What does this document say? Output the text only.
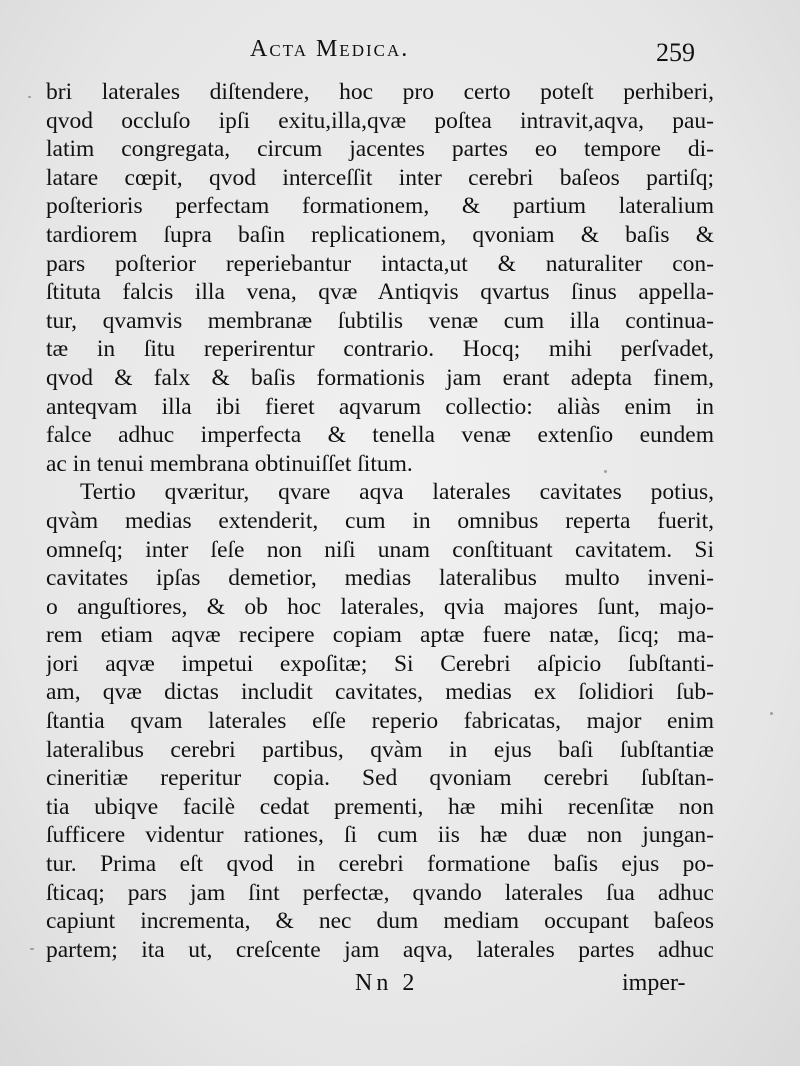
Acta Medica.	259
bri laterales diſtendere, hoc pro certo poteſt perhiberi,
qvod occluſo ipſi exitu,illa,qvæ poſtea intravit,aqva, pau-
latim congregata, circum jacentes partes eo tempore di-
latare cœpit, qvod interceſſit inter cerebri baſeos partiſq;
poſterioris perfectam formationem, & partium lateralium
tardiorem ſupra baſin replicationem, qvoniam & baſis &
pars poſterior reperiebantur intacta,ut & naturaliter con-
ſtituta falcis illa vena, qvæ Antiqvis qvartus ſinus appella-
tur, qvamvis membranæ ſubtilis venæ cum illa continua-
tæ in ſitu reperirentur contrario. Hocq; mihi perſvadet,
qvod & falx & baſis formationis jam erant adepta finem,
anteqvam illa ibi fieret aqvarum collectio: aliàs enim in
falce adhuc imperfecta & tenella venæ extenſio eundem
ac in tenui membrana obtinuiſſet ſitum.
Tertio qværitur, qvare aqva laterales cavitates potius,
qvàm medias extenderit, cum in omnibus reperta fuerit,
omneſq; inter ſeſe non niſi unam conſtituant cavitatem. Si
cavitates ipſas demetior, medias lateralibus multo inveni-
o anguſtiores, & ob hoc laterales, qvia majores ſunt, majo-
rem etiam aqvæ recipere copiam aptæ fuere natæ, ſicq; ma-
jori aqvæ impetui expoſitæ; Si Cerebri aſpicio ſubſtanti-
am, qvæ dictas includit cavitates, medias ex ſolidiori ſub-
ſtantia qvam laterales eſſe reperio fabricatas, major enim
lateralibus cerebri partibus, qvàm in ejus baſi ſubſtantiæ
cineritiæ reperitur copia. Sed qvoniam cerebri ſubſtan-
tia ubiqve facilè cedat prementi, hæ mihi recenſitæ non
ſufficere videntur rationes, ſi cum iis hæ duæ non jungan-
tur. Prima eſt qvod in cerebri formatione baſis ejus po-
ſticaq; pars jam ſint perfectæ, qvando laterales ſua adhuc
capiunt incrementa, & nec dum mediam occupant baſeos
partem; ita ut, creſcente jam aqva, laterales partes adhuc
Nn 2	imper-
